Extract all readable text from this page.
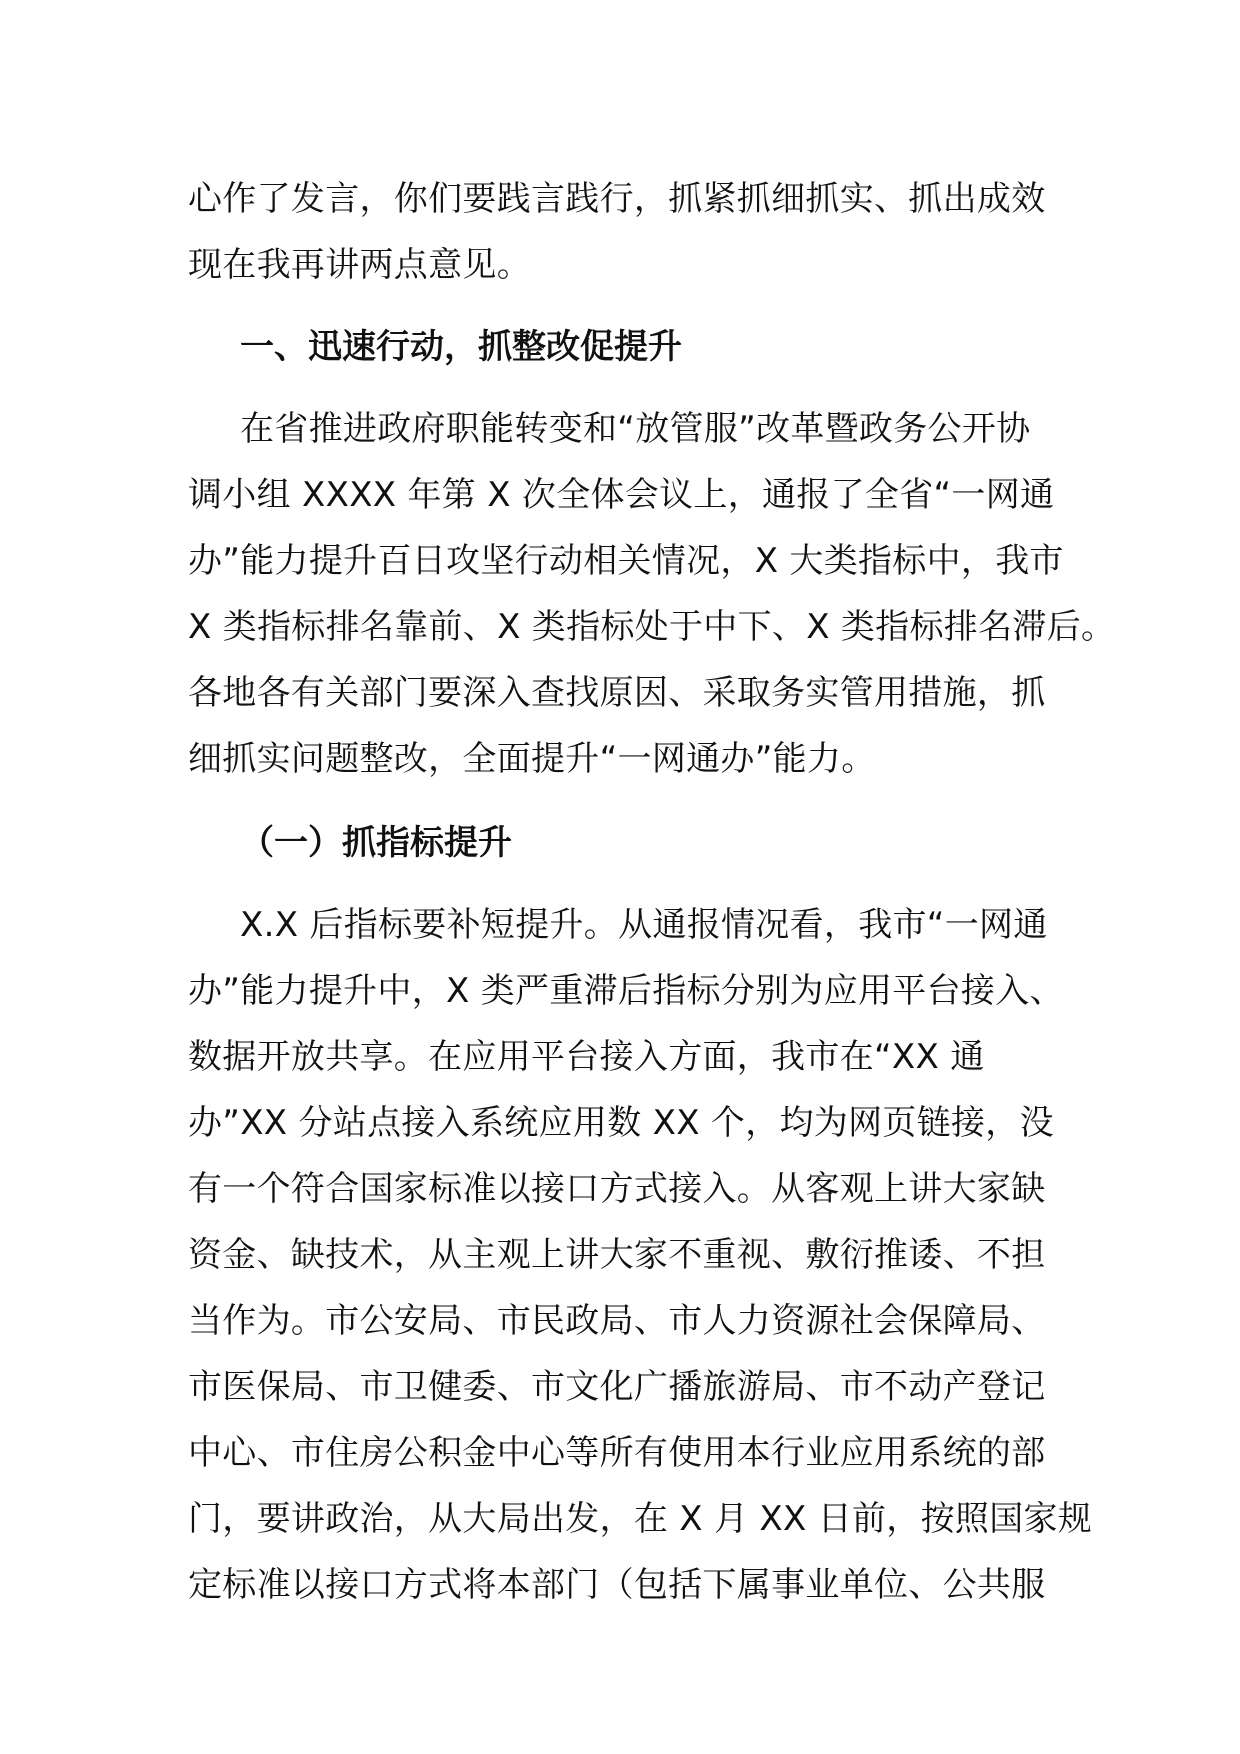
心作了发言，你们要践言践行，抓紧抓细抓实、抓出成效
现在我再讲两点意见。
一、迅速行动，抓整改促提升
在省推进政府职能转变和“放管服”改革暨政务公开协
调小组 XXXX 年第 X 次全体会议上，通报了全省“一网通
办”能力提升百日攻坚行动相关情况，X 大类指标中，我市
X 类指标排名靠前、X 类指标处于中下、X 类指标排名滞后。
各地各有关部门要深入查找原因、采取务实管用措施，抓
细抓实问题整改，全面提升“一网通办”能力。
（一）抓指标提升
X.X 后指标要补短提升。从通报情况看，我市“一网通
办”能力提升中，X 类严重滞后指标分别为应用平台接入、
数据开放共享。在应用平台接入方面，我市在“XX 通
办”XX 分站点接入系统应用数 XX 个，均为网页链接，没
有一个符合国家标准以接口方式接入。从客观上讲大家缺
资金、缺技术，从主观上讲大家不重视、敷衍推诿、不担
当作为。市公安局、市民政局、市人力资源社会保障局、
市医保局、市卫健委、市文化广播旅游局、市不动产登记
中心、市住房公积金中心等所有使用本行业应用系统的部
门，要讲政治，从大局出发，在 X 月 XX 日前，按照国家规
定标准以接口方式将本部门（包括下属事业单位、公共服
